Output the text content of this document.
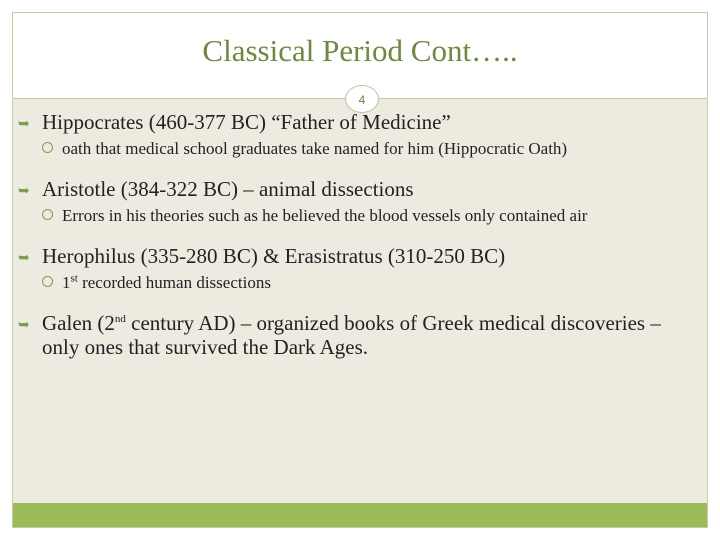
Classical Period Cont…..
4
➥ Hippocrates (460-377 BC) “Father of Medicine”
oath that medical school graduates take named for him (Hippocratic Oath)
➥ Aristotle (384-322 BC) – animal dissections
Errors in his theories such as he believed the blood vessels only contained air
➥ Herophilus (335-280 BC) & Erasistratus (310-250 BC)
1st recorded human dissections
➥ Galen (2nd century AD) – organized books of Greek medical discoveries – only ones that survived the Dark Ages.
